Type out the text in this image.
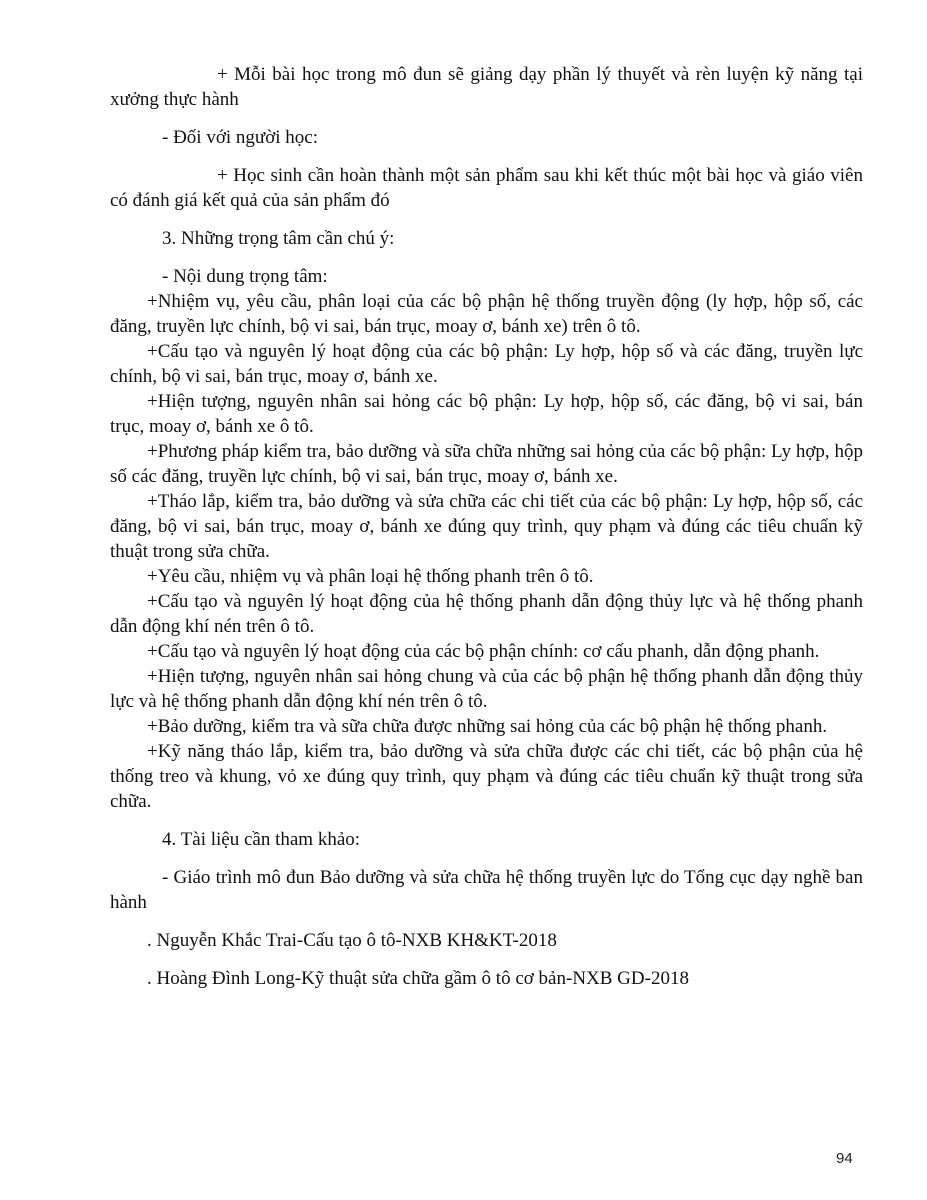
+ Mỗi bài học trong mô đun sẽ giảng dạy phần lý thuyết và rèn luyện kỹ năng tại xưởng thực hành

- Đối với người học:

+ Học sinh cần hoàn thành một sản phẩm sau khi kết thúc một bài học và giáo viên có đánh giá kết quả của sản phẩm đó

3. Những trọng tâm cần chú ý:

- Nội dung trọng tâm:

+Nhiệm vụ, yêu cầu, phân loại của các bộ phận hệ thống truyền động (ly hợp, hộp số, các đăng, truyền lực chính, bộ vi sai, bán trục, moay ơ, bánh xe) trên ô tô.

+Cấu tạo và nguyên lý hoạt động của các bộ phận: Ly hợp, hộp số và các đăng, truyền lực chính, bộ vi sai, bán trục, moay ơ, bánh xe.

+Hiện tượng, nguyên nhân sai hỏng các bộ phận: Ly hợp, hộp số, các đăng, bộ vi sai, bán trục, moay ơ, bánh xe ô tô.

+Phương pháp kiểm tra, bảo dưỡng và sữa chữa những sai hỏng của các bộ phận: Ly hợp, hộp số các đăng, truyền lực chính, bộ vi sai, bán trục, moay ơ, bánh xe.

+Tháo lắp, kiểm tra, bảo dưỡng và sửa chữa các chi tiết của các bộ phận: Ly hợp, hộp số, các đăng, bộ vi sai, bán trục, moay ơ, bánh xe đúng quy trình, quy phạm và đúng các tiêu chuẩn kỹ thuật trong sửa chữa.

+Yêu cầu, nhiệm vụ và phân loại hệ thống phanh trên ô tô.

+Cấu tạo và nguyên lý hoạt động của hệ thống phanh dẫn động thủy lực và hệ thống phanh dẫn động khí nén trên ô tô.

+Cấu tạo và nguyên lý hoạt động của các bộ phận chính: cơ cấu phanh, dẫn động phanh.

+Hiện tượng, nguyên nhân sai hỏng chung và của các bộ phận hệ thống phanh dẫn động thủy lực và hệ thống phanh dẫn động khí nén trên ô tô.

+Bảo dưỡng, kiểm tra và sữa chữa được những sai hỏng của các bộ phận hệ thống phanh.

+Kỹ năng tháo lắp, kiểm tra, bảo dưỡng và sửa chữa được các chi tiết, các bộ phận của hệ thống treo và khung, vỏ xe đúng quy trình, quy phạm và đúng các tiêu chuẩn kỹ thuật trong sửa chữa.

4. Tài liệu cần tham khảo:

- Giáo trình mô đun Bảo dưỡng và sửa chữa hệ thống truyền lực do Tổng cục dạy nghề ban hành

. Nguyễn Khắc Trai-Cấu tạo ô tô-NXB KH&KT-2018

. Hoàng Đình Long-Kỹ thuật sửa chữa gầm ô tô cơ bản-NXB GD-2018

94
